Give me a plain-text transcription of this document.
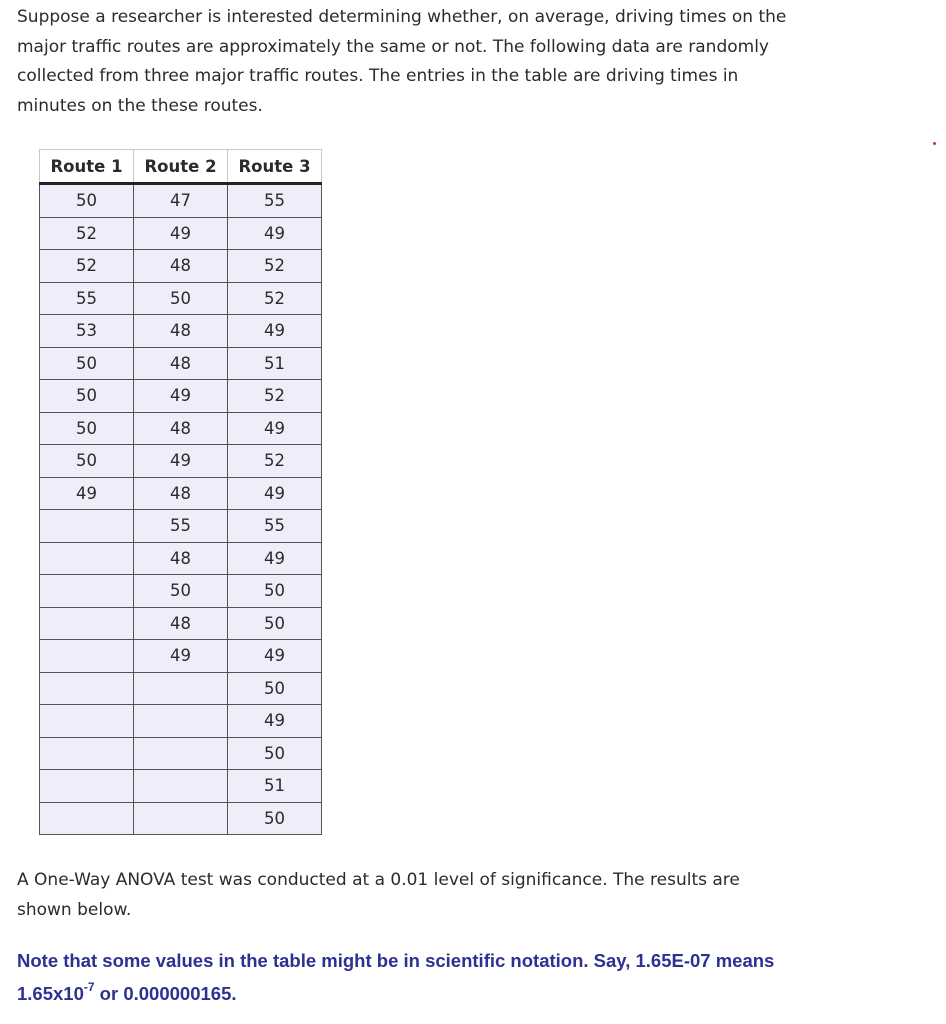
Suppose a researcher is interested determining whether, on average, driving times on the major traffic routes are approximately the same or not. The following data are randomly collected from three major traffic routes. The entries in the table are driving times in minutes on the these routes.

Route 1	Route 2	Route 3
50	47	55
52	49	49
52	48	52
55	50	52
53	48	49
50	48	51
50	49	52
50	48	49
50	49	52
49	48	49
	55	55
	48	49
	50	50
	48	50
	49	49
		50
		49
		50
		51
		50

A One-Way ANOVA test was conducted at a 0.01 level of significance. The results are shown below.

Note that some values in the table might be in scientific notation. Say, 1.65E-07 means $1.65x10^{-7}$ or 0.000000165.
